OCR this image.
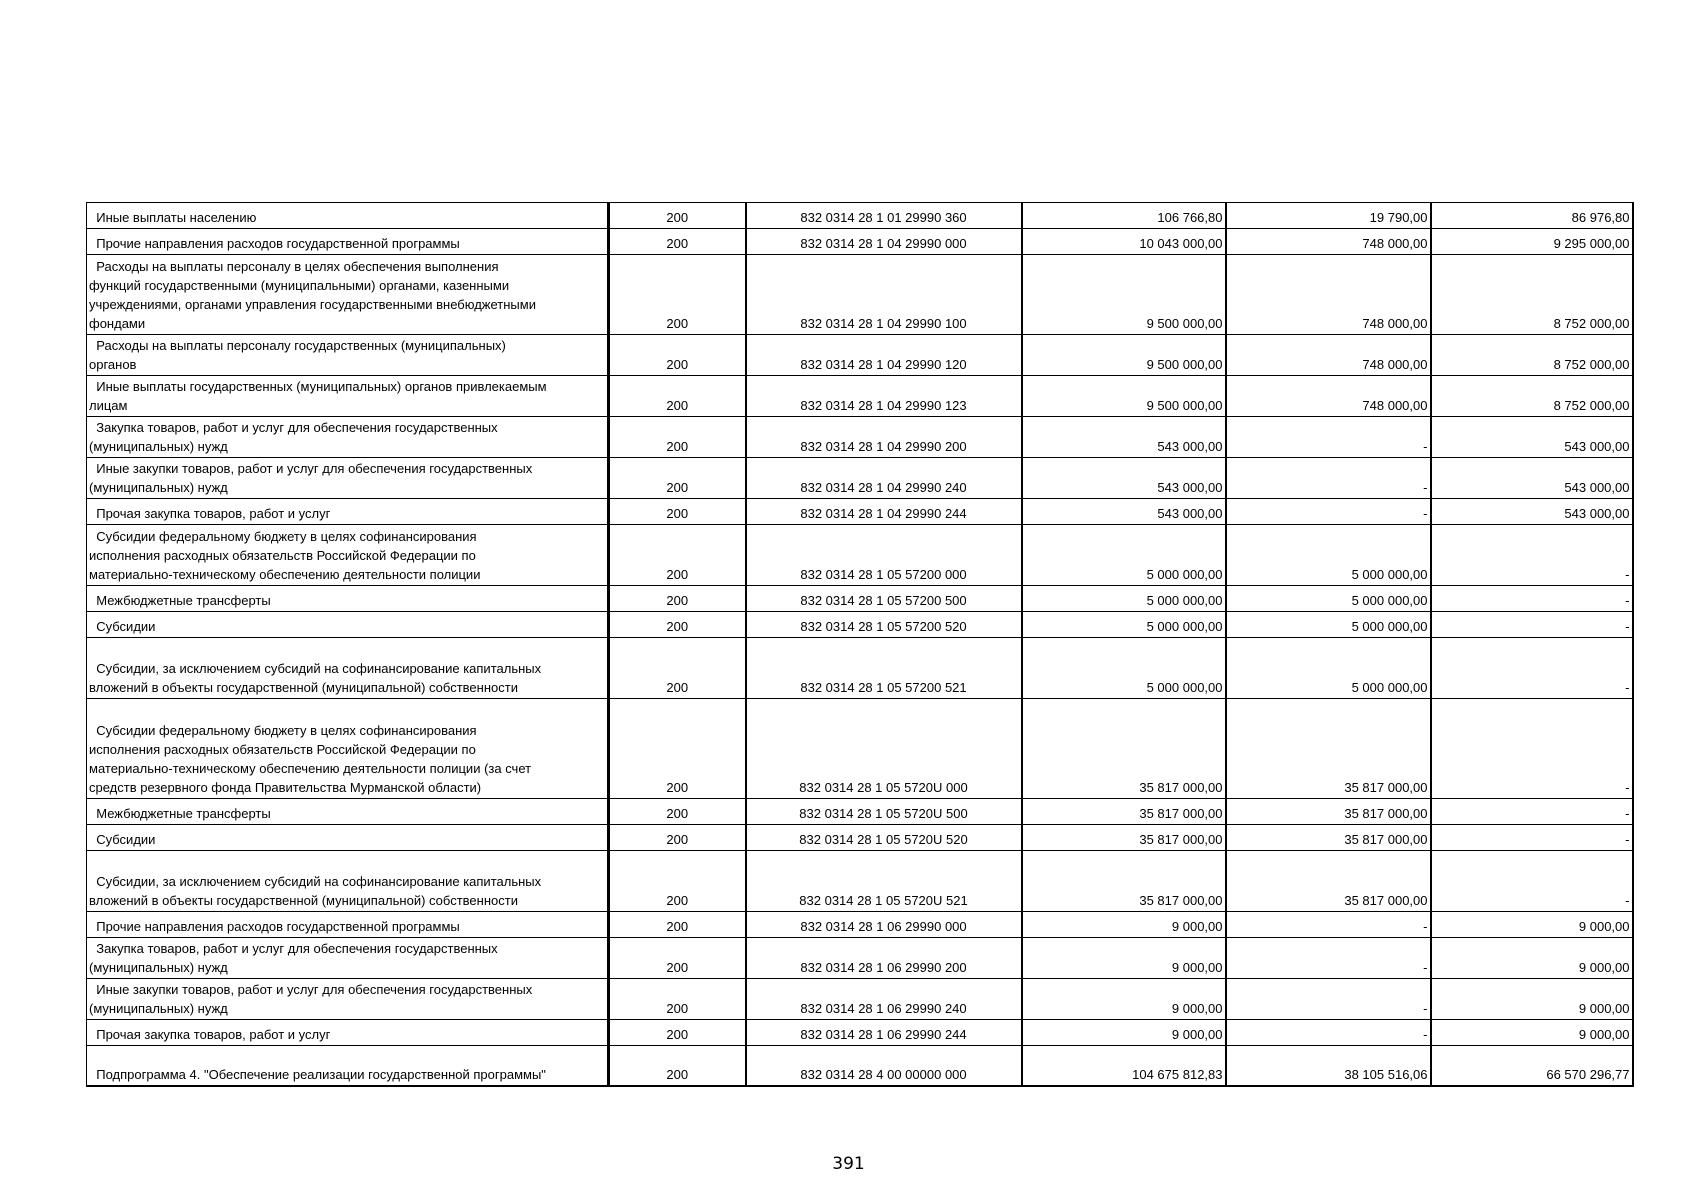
Иные выплаты населению	200	832 0314 28 1 01 29990 360	106 766,80	19 790,00	86 976,80
Прочие направления расходов государственной программы	200	832 0314 28 1 04 29990 000	10 043 000,00	748 000,00	9 295 000,00
Расходы на выплаты персоналу в целях обеспечения выполнения
функций государственными (муниципальными) органами, казенными
учреждениями, органами управления государственными внебюджетными
фондами	200	832 0314 28 1 04 29990 100	9 500 000,00	748 000,00	8 752 000,00
Расходы на выплаты персоналу государственных (муниципальных)
органов	200	832 0314 28 1 04 29990 120	9 500 000,00	748 000,00	8 752 000,00
Иные выплаты государственных (муниципальных) органов привлекаемым
лицам	200	832 0314 28 1 04 29990 123	9 500 000,00	748 000,00	8 752 000,00
Закупка товаров, работ и услуг для обеспечения государственных
(муниципальных) нужд	200	832 0314 28 1 04 29990 200	543 000,00	-	543 000,00
Иные закупки товаров, работ и услуг для обеспечения государственных
(муниципальных) нужд	200	832 0314 28 1 04 29990 240	543 000,00	-	543 000,00
Прочая закупка товаров, работ и услуг	200	832 0314 28 1 04 29990 244	543 000,00	-	543 000,00
Субсидии федеральному бюджету в целях софинансирования
исполнения расходных обязательств Российской Федерации по
материально-техническому обеспечению деятельности полиции	200	832 0314 28 1 05 57200 000	5 000 000,00	5 000 000,00	-
Межбюджетные трансферты	200	832 0314 28 1 05 57200 500	5 000 000,00	5 000 000,00	-
Субсидии	200	832 0314 28 1 05 57200 520	5 000 000,00	5 000 000,00	-
Субсидии, за исключением субсидий на софинансирование капитальных
вложений в объекты государственной (муниципальной) собственности	200	832 0314 28 1 05 57200 521	5 000 000,00	5 000 000,00	-
Субсидии федеральному бюджету в целях софинансирования
исполнения расходных обязательств Российской Федерации по
материально-техническому обеспечению деятельности полиции (за счет
средств резервного фонда Правительства Мурманской области)	200	832 0314 28 1 05 5720U 000	35 817 000,00	35 817 000,00	-
Межбюджетные трансферты	200	832 0314 28 1 05 5720U 500	35 817 000,00	35 817 000,00	-
Субсидии	200	832 0314 28 1 05 5720U 520	35 817 000,00	35 817 000,00	-
Субсидии, за исключением субсидий на софинансирование капитальных
вложений в объекты государственной (муниципальной) собственности	200	832 0314 28 1 05 5720U 521	35 817 000,00	35 817 000,00	-
Прочие направления расходов государственной программы	200	832 0314 28 1 06 29990 000	9 000,00	-	9 000,00
Закупка товаров, работ и услуг для обеспечения государственных
(муниципальных) нужд	200	832 0314 28 1 06 29990 200	9 000,00	-	9 000,00
Иные закупки товаров, работ и услуг для обеспечения государственных
(муниципальных) нужд	200	832 0314 28 1 06 29990 240	9 000,00	-	9 000,00
Прочая закупка товаров, работ и услуг	200	832 0314 28 1 06 29990 244	9 000,00	-	9 000,00
Подпрограмма 4. "Обеспечение реализации государственной программы"	200	832 0314 28 4 00 00000 000	104 675 812,83	38 105 516,06	66 570 296,77
391
